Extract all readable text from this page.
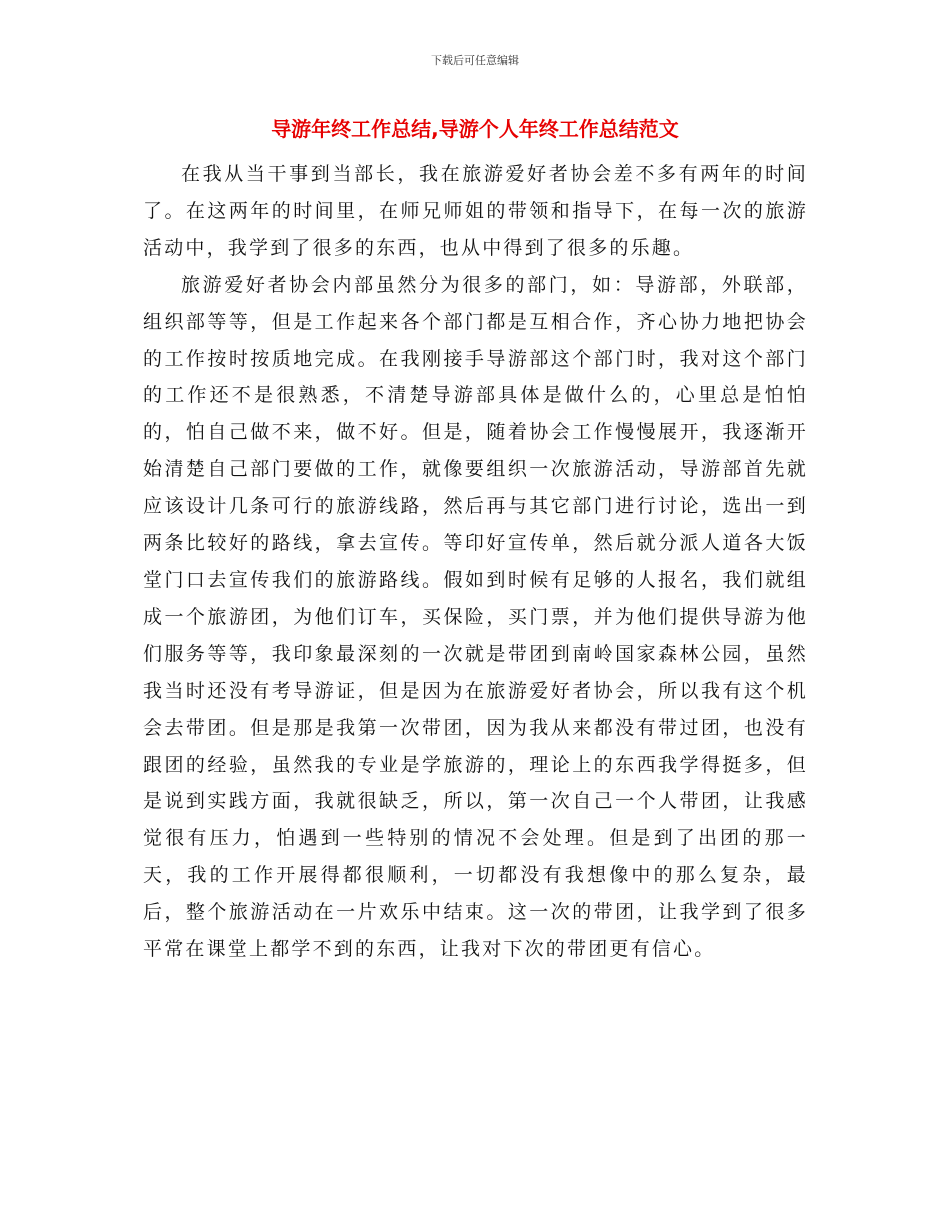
下载后可任意编辑
导游年终工作总结,导游个人年终工作总结范文

在我从当干事到当部长，我在旅游爱好者协会差不多有两年的时间了。在这两年的时间里，在师兄师姐的带领和指导下，在每一次的旅游活动中，我学到了很多的东西，也从中得到了很多的乐趣。

旅游爱好者协会内部虽然分为很多的部门，如：导游部，外联部，组织部等等，但是工作起来各个部门都是互相合作，齐心协力地把协会的工作按时按质地完成。在我刚接手导游部这个部门时，我对这个部门的工作还不是很熟悉，不清楚导游部具体是做什么的，心里总是怕怕的，怕自己做不来，做不好。但是，随着协会工作慢慢展开，我逐渐开始清楚自己部门要做的工作，就像要组织一次旅游活动，导游部首先就应该设计几条可行的旅游线路，然后再与其它部门进行讨论，选出一到两条比较好的路线，拿去宣传。等印好宣传单，然后就分派人道各大饭堂门口去宣传我们的旅游路线。假如到时候有足够的人报名，我们就组成一个旅游团，为他们订车，买保险，买门票，并为他们提供导游为他们服务等等，我印象最深刻的一次就是带团到南岭国家森林公园，虽然我当时还没有考导游证，但是因为在旅游爱好者协会，所以我有这个机会去带团。但是那是我第一次带团，因为我从来都没有带过团，也没有跟团的经验，虽然我的专业是学旅游的，理论上的东西我学得挺多，但是说到实践方面，我就很缺乏，所以，第一次自己一个人带团，让我感觉很有压力，怕遇到一些特别的情况不会处理。但是到了出团的那一天，我的工作开展得都很顺利，一切都没有我想像中的那么复杂，最后，整个旅游活动在一片欢乐中结束。这一次的带团，让我学到了很多平常在课堂上都学不到的东西，让我对下次的带团更有信心。
